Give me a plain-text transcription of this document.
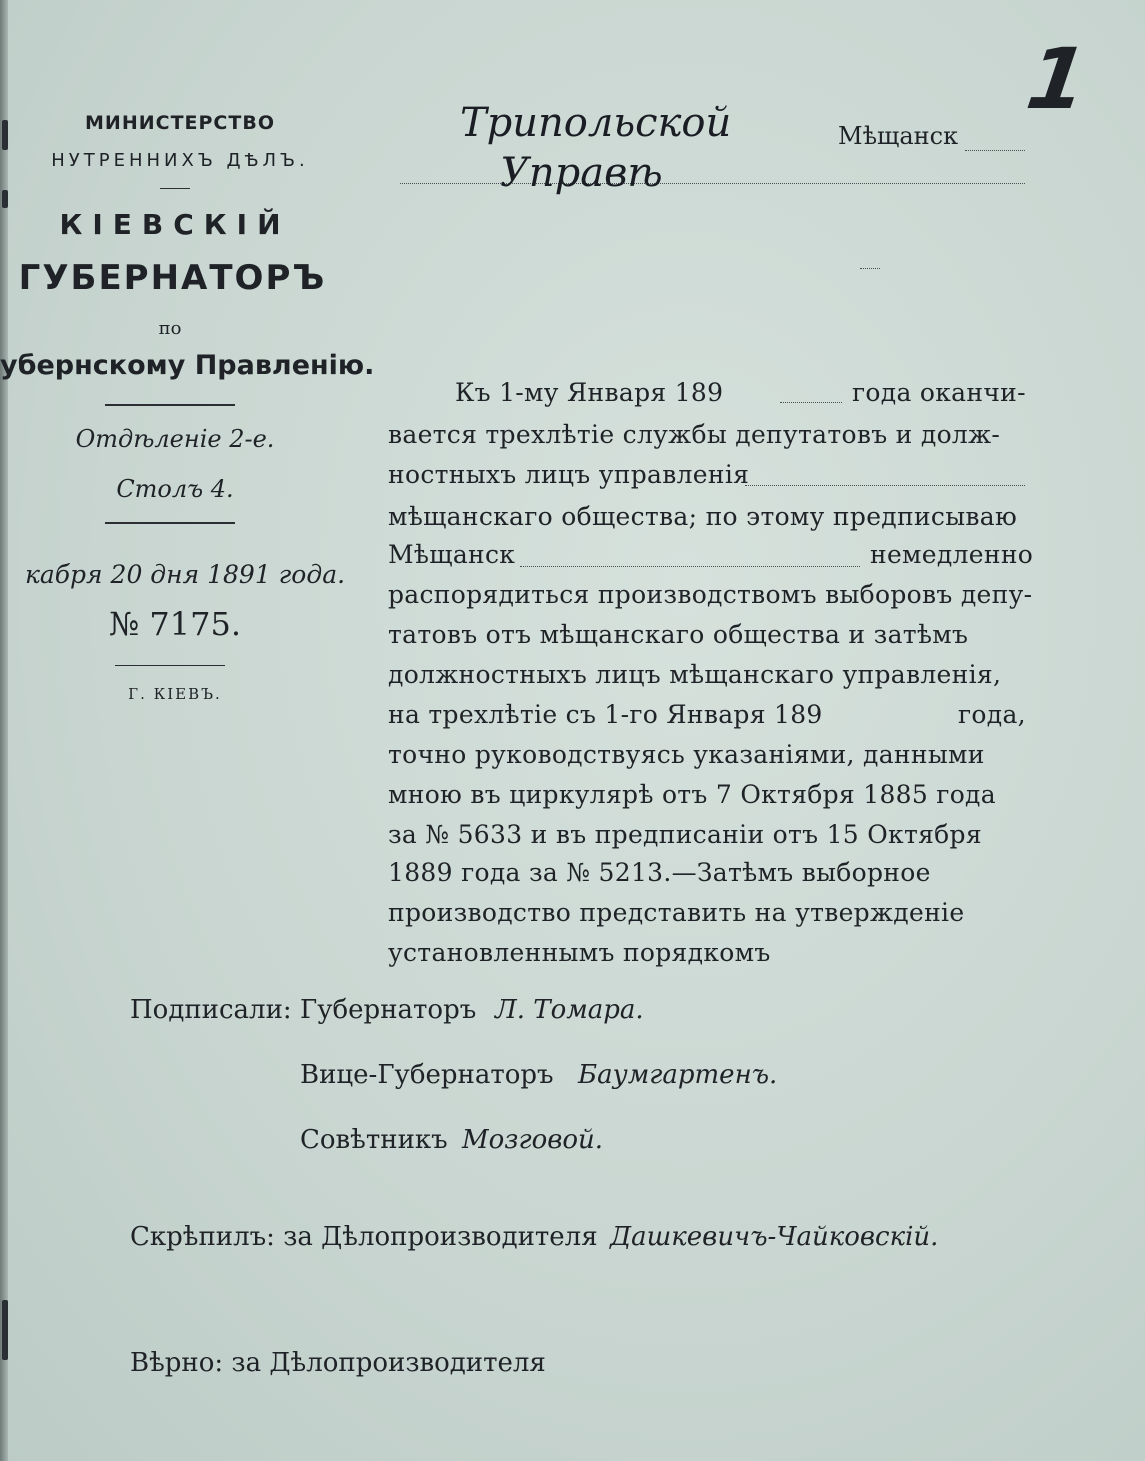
1
МИНИСТЕРСТВО
НУТРЕННИХЪ ДѢЛЪ.
КІЕВСКІЙ
ГУБЕРНАТОРЪ
по
убернскому Правленію.
Отдѣленіе 2-е.
Столъ 4.
кабря 20 дня 1891 года.
№ 7175.
Г. КІЕВЪ.
Трипольской	Мѣщанск
Управѣ
Къ 1-му Января 189	года оканчи-
вается трехлѣтіе службы депутатовъ и долж-
ностныхъ лицъ управленія
мѣщанскаго общества; по этому предписываю
Мѣщанск	немедленно
распорядиться производствомъ выборовъ депу-
татовъ отъ мѣщанскаго общества и затѣмъ
должностныхъ лицъ мѣщанскаго управленія,
на трехлѣтіе съ 1-го Января 189	года,
точно руководствуясь указаніями, данными
мною въ циркулярѣ отъ 7 Октября 1885 года
за № 5633 и въ предписаніи отъ 15 Октября
1889 года за № 5213.—Затѣмъ выборное
производство представить на утвержденіе
установленнымъ порядкомъ
Подписали: Губернаторъ Л. Томара.
Вице-Губернаторъ Баумгартенъ.
Совѣтникъ Мозговой.
Скрѣпилъ: за Дѣлопроизводителя Дашкевичъ-Чайковскій.
Вѣрно: за Дѣлопроизводителя
